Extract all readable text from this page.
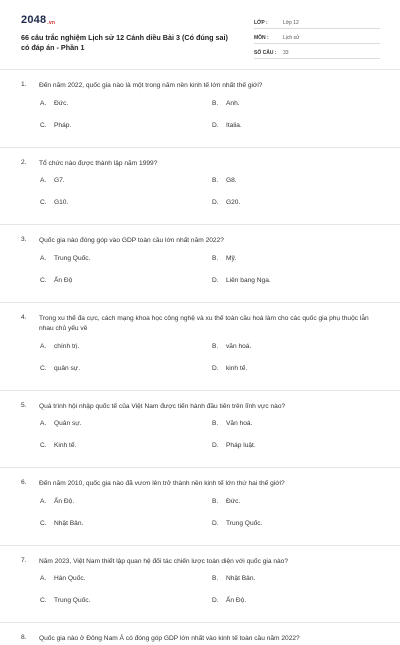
2048.vn
66 câu trắc nghiệm Lịch sử 12 Cánh diều Bài 3 (Có đúng sai) có đáp án - Phần 1
LỚP :	Lớp 12
MÔN :	Lịch sử
SỐ CÂU :	33
1.	Đến năm 2022, quốc gia nào là một trong năm nền kinh tế lớn nhất thế giới?
A.	Đức.	B.	Anh.
C.	Pháp.	D.	Italia.
2.	Tổ chức nào được thành lập năm 1999?
A.	G7.	B.	G8.
C.	G10.	D.	G20.
3.	Quốc gia nào đóng góp vào GDP toàn cầu lớn nhất năm 2022?
A.	Trung Quốc.	B.	Mỹ.
C.	Ấn Độ	D.	Liên bang Nga.
4.	Trong xu thế đa cực, cách mạng khoa học công nghệ và xu thế toàn cầu hoá làm cho các quốc gia phụ thuộc lẫn nhau chủ yếu về
A.	chính trị.	B.	văn hoá.
C.	quân sự.	D.	kinh tế.
5.	Quá trình hội nhập quốc tế của Việt Nam được tiến hành đầu tiên trên lĩnh vực nào?
A.	Quân sự.	B.	Văn hoá.
C.	Kinh tế.	D.	Pháp luật.
6.	Đến năm 2010, quốc gia nào đã vươn lên trở thành nền kinh tế lớn thứ hai thế giới?
A.	Ấn Độ.	B.	Đức.
C.	Nhật Bản.	D.	Trung Quốc.
7.	Năm 2023, Việt Nam thiết lập quan hệ đối tác chiến lược toàn diện với quốc gia nào?
A.	Hàn Quốc.	B.	Nhật Bản.
C.	Trung Quốc.	D.	Ấn Độ.
8.	Quốc gia nào ở Đông Nam Á có đóng góp GDP lớn nhất vào kinh tế toàn cầu năm 2022?
